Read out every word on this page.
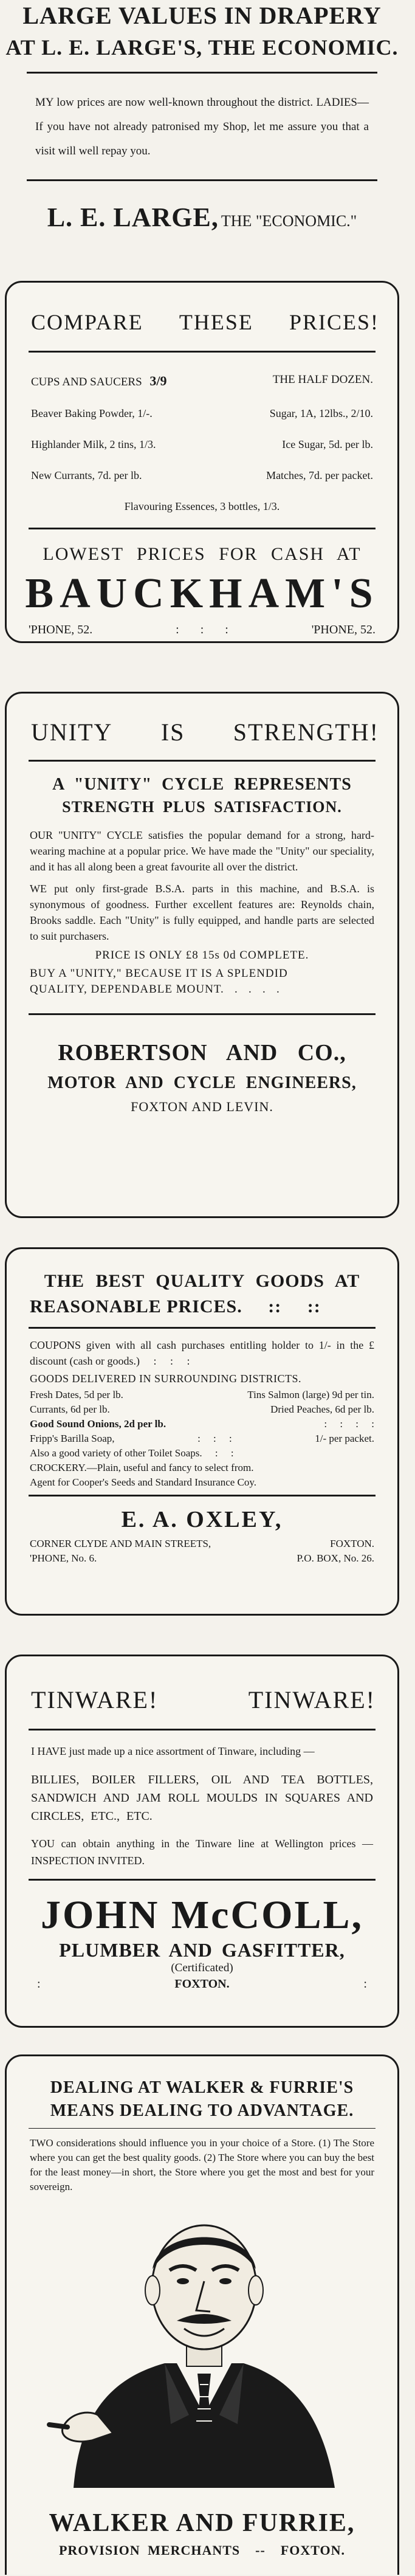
LARGE VALUES IN DRAPERY
AT L. E. LARGE'S, THE ECONOMIC.

MY low prices are now well-known throughout the district. LADIES—If you have not already patronised my Shop, let me assure you that a visit will well repay you.

L. E. LARGE, THE "ECONOMIC."
COMPARE THESE PRICES!
CUPS AND SAUCERS 3/9	THE HALF DOZEN.
Beaver Baking Powder, 1/-.	Sugar, 1A, 12lbs., 2/10.
Highlander Milk, 2 tins, 1/3.	Ice Sugar, 5d. per lb.
New Currants, 7d. per lb.	Matches, 7d. per packet.
Flavouring Essences, 3 bottles, 1/3.
LOWEST PRICES FOR CASH AT
BAUCKHAM'S
'PHONE, 52.	:       :       :	'PHONE, 52.
UNITY IS STRENGTH!
A "UNITY" CYCLE REPRESENTS
STRENGTH PLUS SATISFACTION.

OUR "UNITY" CYCLE satisfies the popular demand for a strong, hard-wearing machine at a popular price. We have made the "Unity" our speciality, and it has all along been a great favourite all over the district.

WE put only first-grade B.S.A. parts in this machine, and B.S.A. is synonymous of goodness. Further excellent features are: Reynolds chain, Brooks saddle. Each "Unity" is fully equipped, and handle parts are selected to suit purchasers.

PRICE IS ONLY £8 15s 0d COMPLETE.
BUY A "UNITY," BECAUSE IT IS A SPLENDID
QUALITY, DEPENDABLE MOUNT.   .   .   .   .
ROBERTSON AND CO.,
MOTOR AND CYCLE ENGINEERS,
FOXTON AND LEVIN.
THE BEST QUALITY GOODS AT
REASONABLE PRICES.     ::     ::

COUPONS given with all cash purchases entitling holder to 1/- in the £ discount (cash or goods.)     :     :     :

GOODS DELIVERED IN SURROUNDING DISTRICTS.
Fresh Dates, 5d per lb.	Tins Salmon (large) 9d per tin.
Currants, 6d per lb.	Dried Peaches, 6d per lb.
Good Sound Onions, 2d per lb.	:     :     :     :
Fripp's Barilla Soap,	:     :     :	1/- per packet.
Also a good variety of other Toilet Soaps.     :     :
CROCKERY.—Plain, useful and fancy to select from.
Agent for Cooper's Seeds and Standard Insurance Coy.
E. A. OXLEY,
CORNER CLYDE AND MAIN STREETS,	FOXTON.
'PHONE, No. 6.	P.O. BOX, No. 26.
TINWARE!	TINWARE!

I HAVE just made up a nice assortment of Tinware, including —

BILLIES, BOILER FILLERS, OIL AND TEA BOTTLES, SANDWICH AND JAM ROLL MOULDS IN SQUARES AND CIRCLES, ETC., ETC.

YOU can obtain anything in the Tinware line at Wellington prices — INSPECTION INVITED.

JOHN McCOLL,
PLUMBER AND GASFITTER,
(Certificated)
:	FOXTON.	:
DEALING AT WALKER & FURRIE'S
MEANS DEALING TO ADVANTAGE.

TWO considerations should influence you in your choice of a Store. (1) The Store where you can get the best quality goods. (2) The Store where you can buy the best for the least money—in short, the Store where you get the most and best for your sovereign.

WALKER AND FURRIE,
PROVISION MERCHANTS  --  FOXTON.
